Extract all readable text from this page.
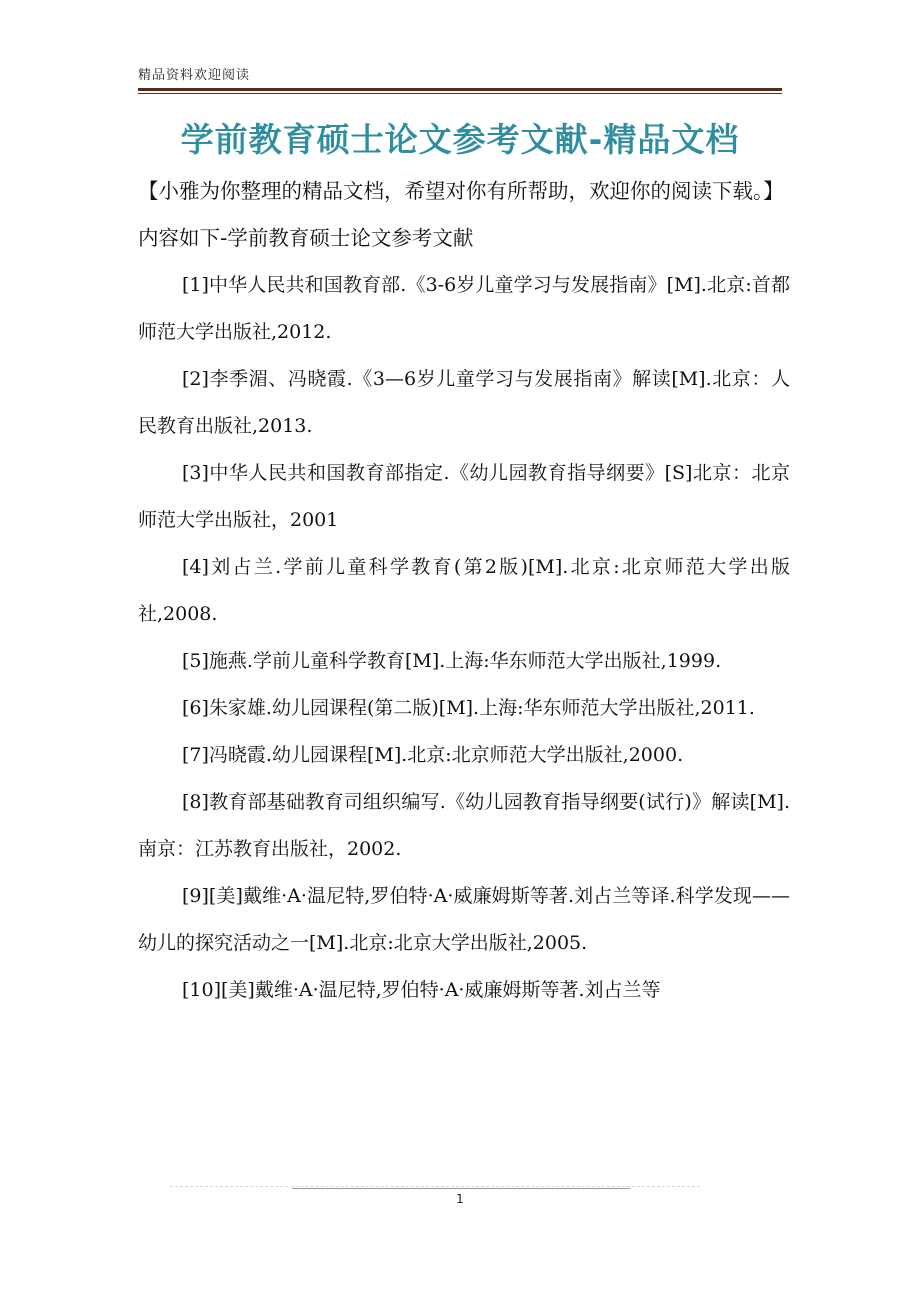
精品资料欢迎阅读
学前教育硕士论文参考文献-精品文档
【小雅为你整理的精品文档，希望对你有所帮助，欢迎你的阅读下载。】内容如下-学前教育硕士论文参考文献

[1]中华人民共和国教育部.《3-6岁儿童学习与发展指南》[M].北京:首都师范大学出版社,2012.

[2]李季湄、冯晓霞.《3—6岁儿童学习与发展指南》解读[M].北京：人民教育出版社,2013.

[3]中华人民共和国教育部指定.《幼儿园教育指导纲要》[S]北京：北京师范大学出版社，2001

[4]刘占兰.学前儿童科学教育(第2版)[M].北京:北京师范大学出版社,2008.

[5]施燕.学前儿童科学教育[M].上海:华东师范大学出版社,1999.

[6]朱家雄.幼儿园课程(第二版)[M].上海:华东师范大学出版社,2011.

[7]冯晓霞.幼儿园课程[M].北京:北京师范大学出版社,2000.

[8]教育部基础教育司组织编写.《幼儿园教育指导纲要(试行)》解读[M].南京：江苏教育出版社，2002.

[9][美]戴维·A·温尼特,罗伯特·A·威廉姆斯等著.刘占兰等译.科学发现——幼儿的探究活动之一[M].北京:北京大学出版社,2005.

[10][美]戴维·A·温尼特,罗伯特·A·威廉姆斯等著.刘占兰等

1
